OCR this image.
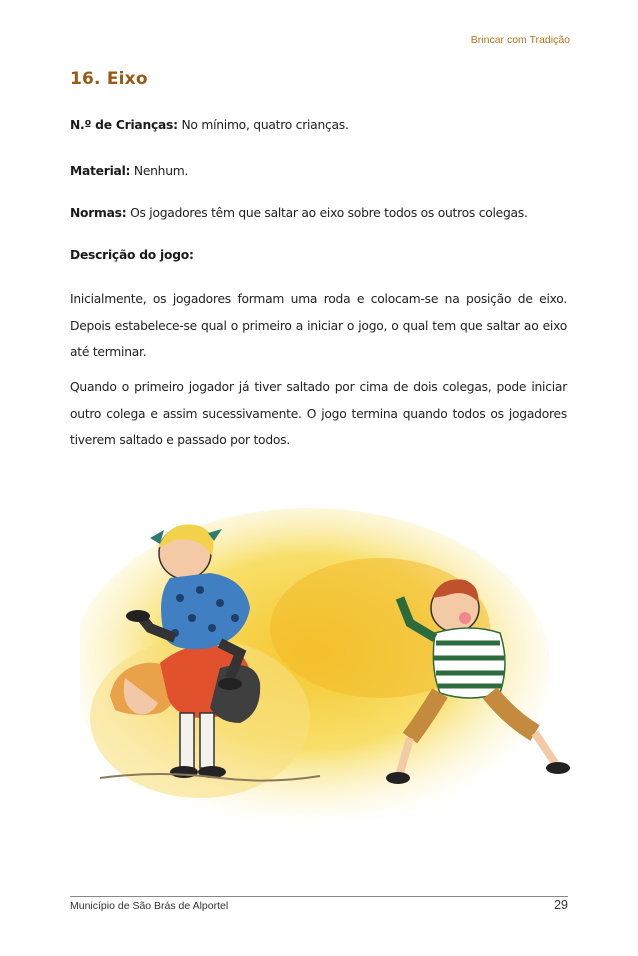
Brincar com Tradição
16. Eixo
N.º de Crianças: No mínimo, quatro crianças.
Material: Nenhum.
Normas: Os jogadores têm que saltar ao eixo sobre todos os outros colegas.
Descrição do jogo:
Inicialmente, os jogadores formam uma roda e colocam-se na posição de eixo. Depois estabelece-se qual o primeiro a iniciar o jogo, o qual tem que saltar ao eixo até terminar.
Quando o primeiro jogador já tiver saltado por cima de dois colegas, pode iniciar outro colega e assim sucessivamente. O jogo termina quando todos os jogadores tiverem saltado e passado por todos.
Município de São Brás de Alportel	29
